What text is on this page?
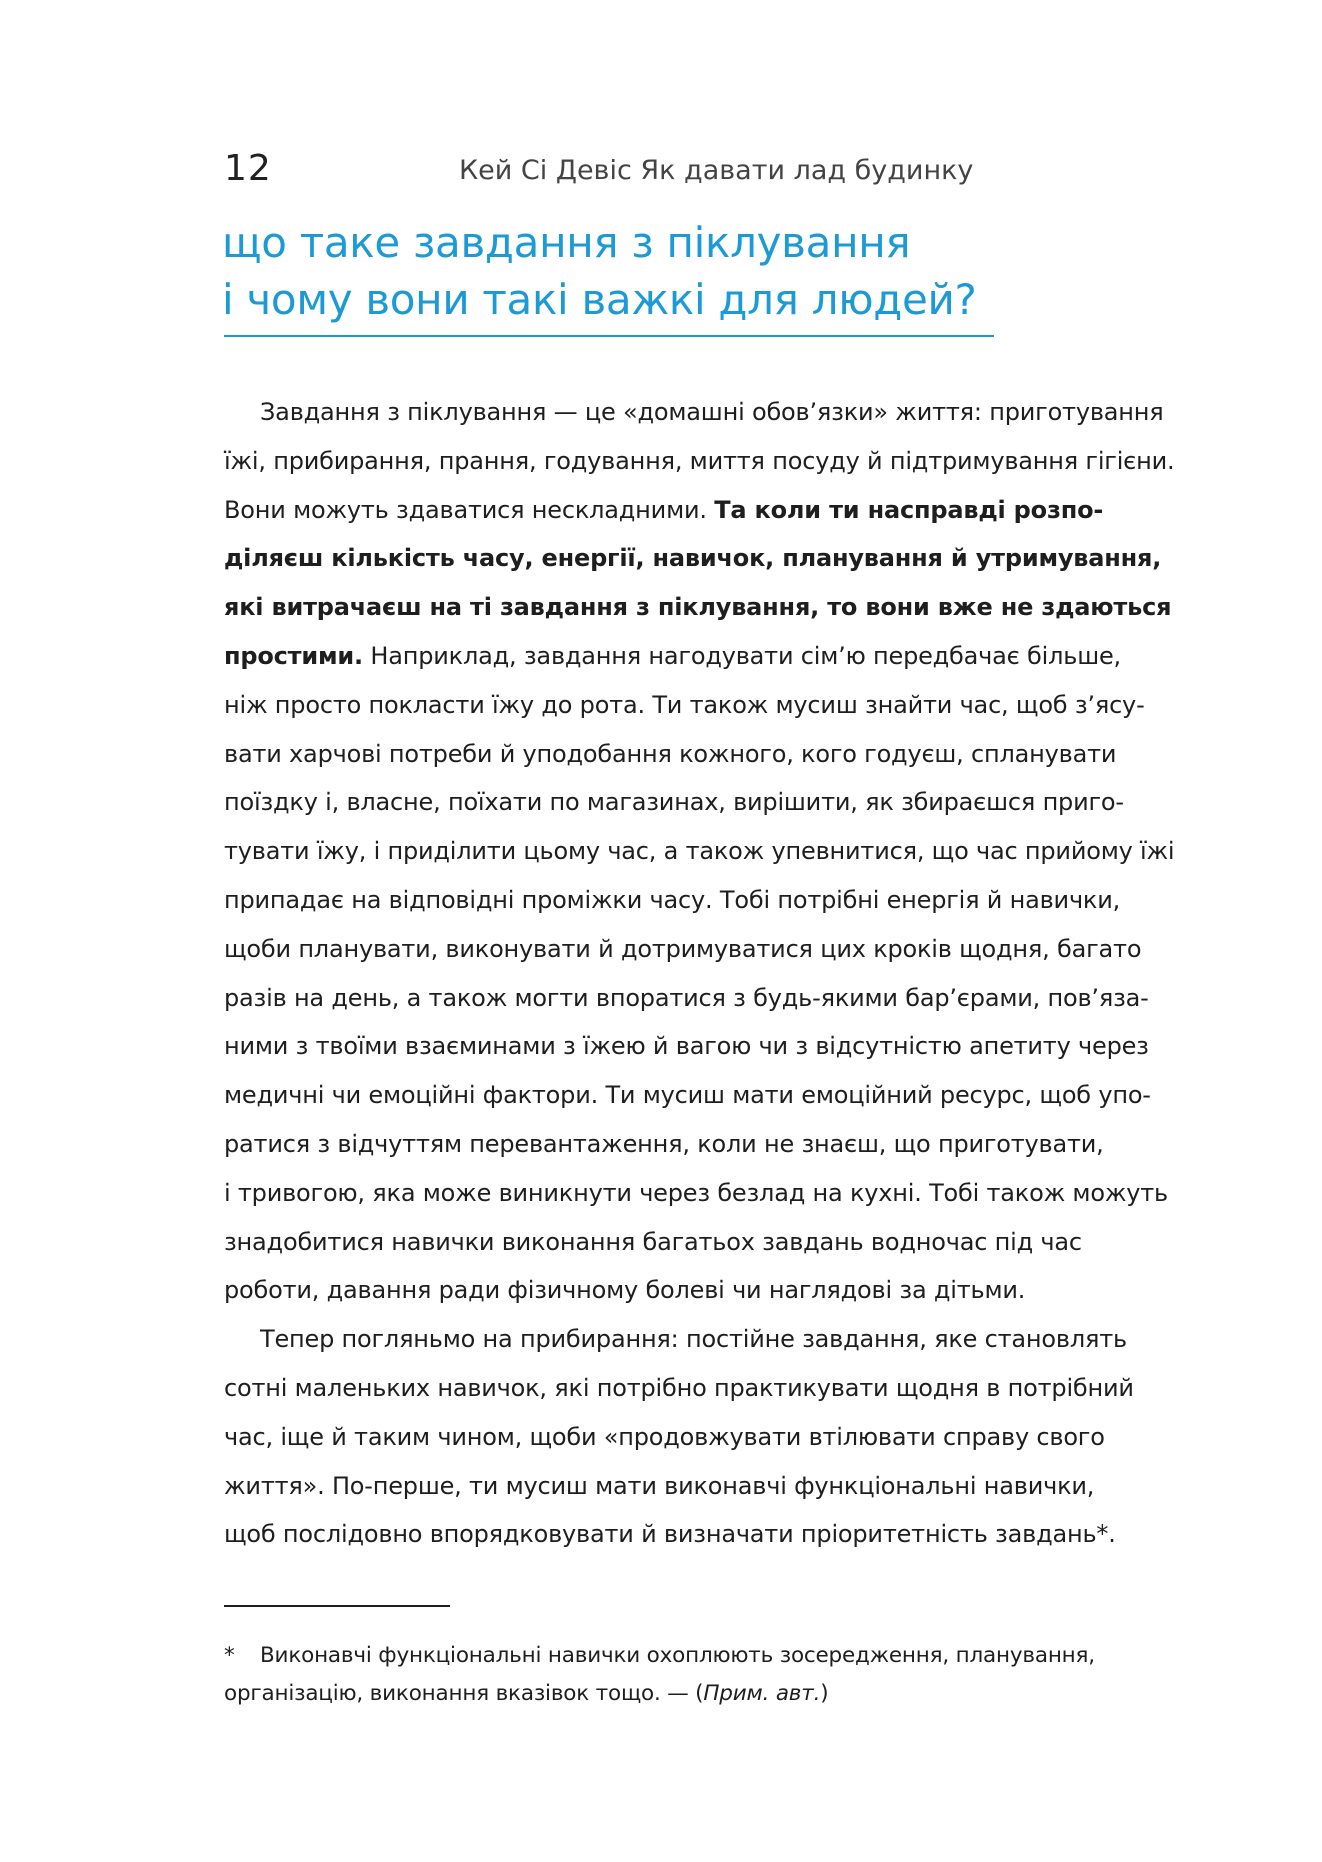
12	Кей Сі Девіс Як давати лад будинку
що таке завдання з піклування
і чому вони такі важкі для людей?
Завдання з піклування — це «домашні обов’язки» життя: приготування
їжі, прибирання, прання, годування, миття посуду й підтримування гігієни.
Вони можуть здаватися нескладними. Та коли ти насправді розпо-
діляєш кількість часу, енергії, навичок, планування й утримування,
які витрачаєш на ті завдання з піклування, то вони вже не здаються
простими. Наприклад, завдання нагодувати сім’ю передбачає більше,
ніж просто покласти їжу до рота. Ти також мусиш знайти час, щоб з’ясу-
вати харчові потреби й уподобання кожного, кого годуєш, спланувати
поїздку і, власне, поїхати по магазинах, вирішити, як збираєшся приго-
тувати їжу, і приділити цьому час, а також упевнитися, що час прийому їжі
припадає на відповідні проміжки часу. Тобі потрібні енергія й навички,
щоби планувати, виконувати й дотримуватися цих кроків щодня, багато
разів на день, а також могти впоратися з будь-якими бар’єрами, пов’яза-
ними з твоїми взаєминами з їжею й вагою чи з відсутністю апетиту через
медичні чи емоційні фактори. Ти мусиш мати емоційний ресурс, щоб упо-
ратися з відчуттям перевантаження, коли не знаєш, що приготувати,
і тривогою, яка може виникнути через безлад на кухні. Тобі також можуть
знадобитися навички виконання багатьох завдань водночас під час
роботи, давання ради фізичному болеві чи наглядові за дітьми.
Тепер погляньмо на прибирання: постійне завдання, яке становлять
сотні маленьких навичок, які потрібно практикувати щодня в потрібний
час, іще й таким чином, щоби «продовжувати втілювати справу свого
життя». По-перше, ти мусиш мати виконавчі функціональні навички,
щоб послідовно впорядковувати й визначати пріоритетність завдань*.
* Виконавчі функціональні навички охоплюють зосередження, планування,
організацію, виконання вказівок тощо. — (Прим. авт.)
